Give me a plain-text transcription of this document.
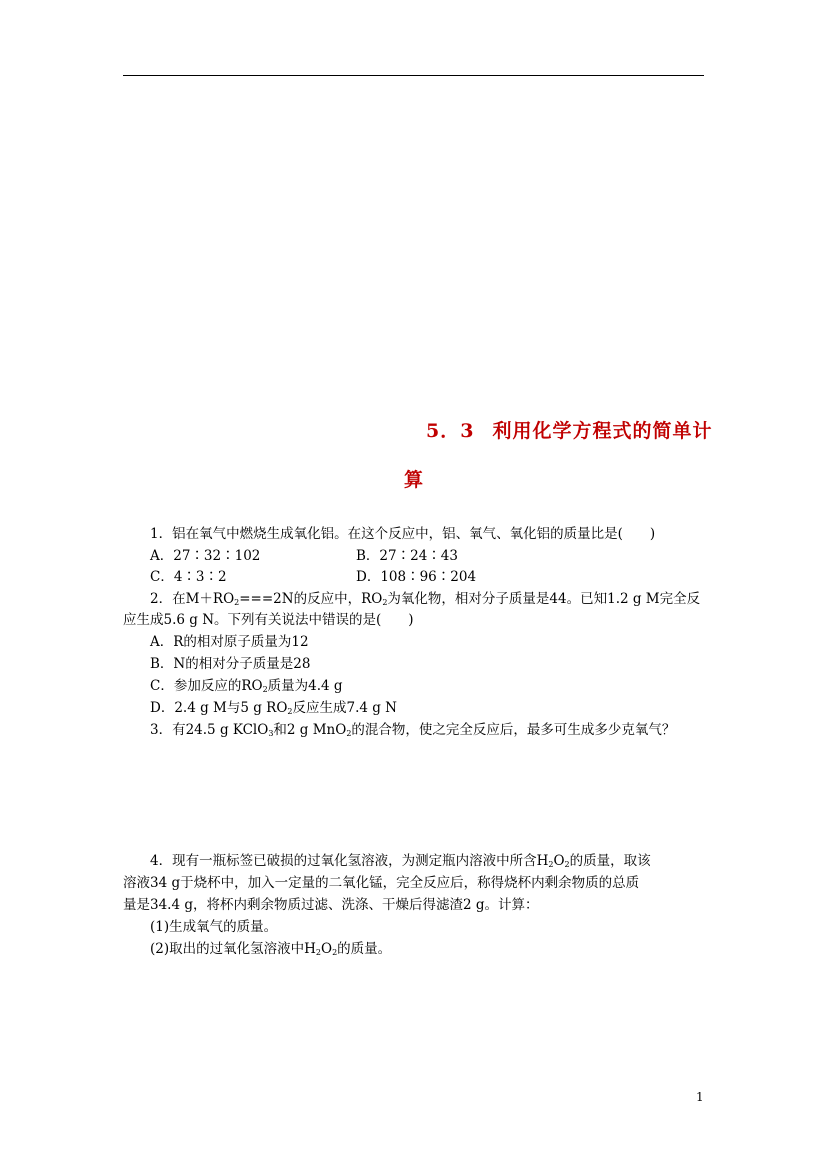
5．3 利用化学方程式的简单计
算
1．铝在氧气中燃烧生成氧化铝。在这个反应中，铝、氧气、氧化铝的质量比是(　　)
A．27∶32∶102	B．27∶24∶43
C．4∶3∶2	D．108∶96∶204
2．在$M+RO_2===2N$的反应中，$RO_2$为氧化物，相对分子质量是44。已知1.2 g M完全反
应生成5.6 g N。下列有关说法中错误的是(　　)
A．R的相对原子质量为12
B．N的相对分子质量是28
C．参加反应的$RO_2$质量为4.4 g
D．2.4 g M与5 g $RO_2$反应生成7.4 g N
3．有24.5 g KClO$_3$和2 g MnO$_2$的混合物，使之完全反应后，最多可生成多少克氧气？
4．现有一瓶标签已破损的过氧化氢溶液，为测定瓶内溶液中所含$H_2O_2$的质量，取该
溶液34 g于烧杯中，加入一定量的二氧化锰，完全反应后，称得烧杯内剩余物质的总质
量是34.4 g，将杯内剩余物质过滤、洗涤、干燥后得滤渣2 g。计算：
(1)生成氧气的质量。
(2)取出的过氧化氢溶液中$H_2O_2$的质量。
1
